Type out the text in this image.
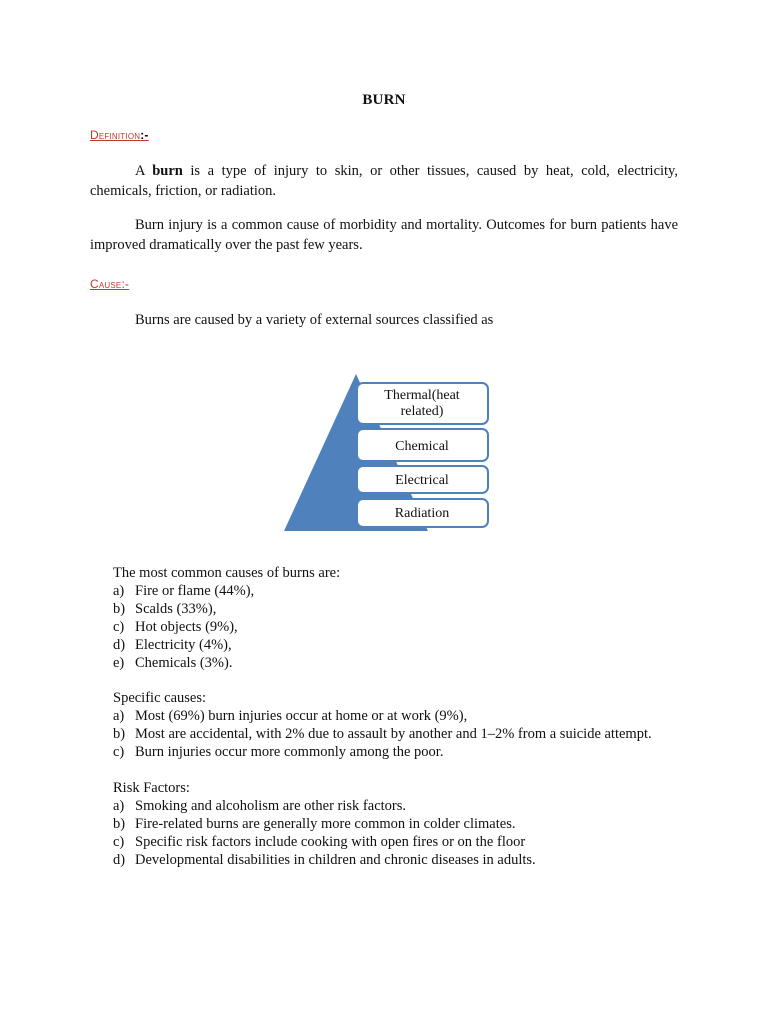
BURN
Definition:-

A burn is a type of injury to skin, or other tissues, caused by heat, cold, electricity, chemicals, friction, or radiation.

Burn injury is a common cause of morbidity and mortality. Outcomes for burn patients have improved dramatically over the past few years.

Cause:-
Burns are caused by a variety of external sources classified as
Thermal(heat
related)
Chemical
Electrical
Radiation

The most common causes of burns are:

a) Fire or flame (44%),
b) Scalds (33%),
c) Hot objects (9%),
d) Electricity (4%),
e) Chemicals (3%).

Specific causes:

a) Most (69%) burn injuries occur at home or at work (9%),
b) Most are accidental, with 2% due to assault by another and 1–2% from a suicide attempt.
c) Burn injuries occur more commonly among the poor.

Risk Factors:

a) Smoking and alcoholism are other risk factors.
b) Fire-related burns are generally more common in colder climates.
c) Specific risk factors include cooking with open fires or on the floor
d) Developmental disabilities in children and chronic diseases in adults.
